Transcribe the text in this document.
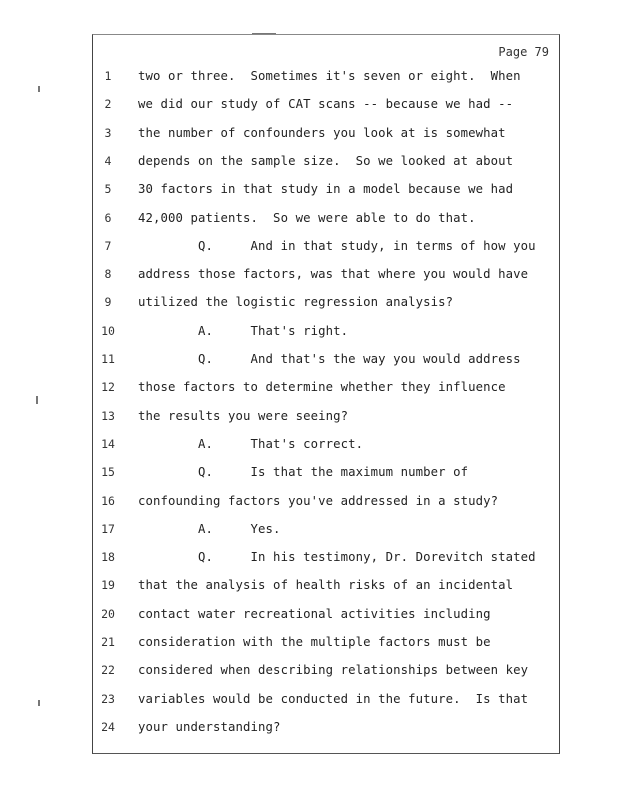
Page 79
1	two or three.  Sometimes it's seven or eight.  When
2	we did our study of CAT scans -- because we had --
3	the number of confounders you look at is somewhat
4	depends on the sample size.  So we looked at about
5	30 factors in that study in a model because we had
6	42,000 patients.  So we were able to do that.
7	Q.     And in that study, in terms of how you
8	address those factors, was that where you would have
9	utilized the logistic regression analysis?
10	A.     That's right.
11	Q.     And that's the way you would address
12	those factors to determine whether they influence
13	the results you were seeing?
14	A.     That's correct.
15	Q.     Is that the maximum number of
16	confounding factors you've addressed in a study?
17	A.     Yes.
18	Q.     In his testimony, Dr. Dorevitch stated
19	that the analysis of health risks of an incidental
20	contact water recreational activities including
21	consideration with the multiple factors must be
22	considered when describing relationships between key
23	variables would be conducted in the future.  Is that
24	your understanding?
